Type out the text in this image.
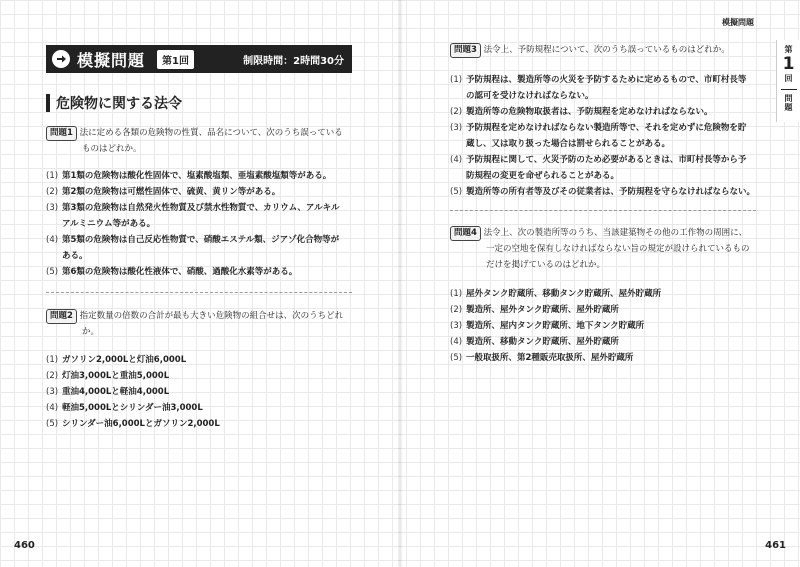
模擬問題	第1回	制限時間：2時間30分
危険物に関する法令
問題1 法に定める各類の危険物の性質、品名について、次のうち誤っている
ものはどれか。
(1) 第1類の危険物は酸化性固体で、塩素酸塩類、亜塩素酸塩類等がある。
(2) 第2類の危険物は可燃性固体で、硫黄、黄リン等がある。
(3) 第3類の危険物は自然発火性物質及び禁水性物質で、カリウム、アルキル
アルミニウム等がある。
(4) 第5類の危険物は自己反応性物質で、硝酸エステル類、ジアゾ化合物等が
ある。
(5) 第6類の危険物は酸化性液体で、硝酸、過酸化水素等がある。
問題2 指定数量の倍数の合計が最も大きい危険物の組合せは、次のうちどれ
か。
(1) ガソリン2,000Lと灯油6,000L
(2) 灯油3,000Lと重油5,000L
(3) 重油4,000Lと軽油4,000L
(4) 軽油5,000Lとシリンダー油3,000L
(5) シリンダー油6,000Lとガソリン2,000L
460
模擬問題
第
1
回
問題
問題3 法令上、予防規程について、次のうち誤っているものはどれか。
(1) 予防規程は、製造所等の火災を予防するために定めるもので、市町村長等
の認可を受けなければならない。
(2) 製造所等の危険物取扱者は、予防規程を定めなければならない。
(3) 予防規程を定めなければならない製造所等で、それを定めずに危険物を貯
蔵し、又は取り扱った場合は罰せられることがある。
(4) 予防規程に関して、火災予防のため必要があるときは、市町村長等から予
防規程の変更を命ぜられることがある。
(5) 製造所等の所有者等及びその従業者は、予防規程を守らなければならない。
問題4 法令上、次の製造所等のうち、当該建築物その他の工作物の周囲に、
一定の空地を保有しなければならない旨の規定が設けられているもの
だけを掲げているのはどれか。
(1) 屋外タンク貯蔵所、移動タンク貯蔵所、屋外貯蔵所
(2) 製造所、屋外タンク貯蔵所、屋外貯蔵所
(3) 製造所、屋内タンク貯蔵所、地下タンク貯蔵所
(4) 製造所、移動タンク貯蔵所、屋外貯蔵所
(5) 一般取扱所、第2種販売取扱所、屋外貯蔵所
461
